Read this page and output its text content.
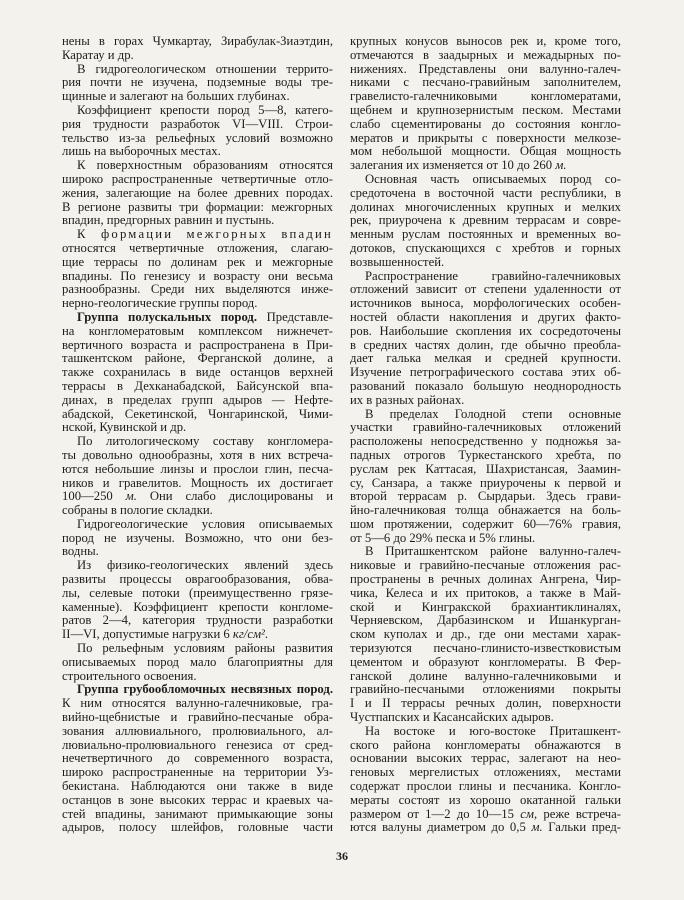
нены в горах Чумкартау, Зирабулак-Зиаэтдин,
Каратау и др.
В гидрогеологическом отношении террито-
рия почти не изучена, подземные воды тре-
щинные и залегают на больших глубинах.
Коэффициент крепости пород 5—8, катего-
рия трудности разработок VI—VIII. Строи-
тельство из-за рельефных условий возможно
лишь на выборочных местах.
К поверхностным образованиям относятся
широко распространенные четвертичные отло-
жения, залегающие на более древних породах.
В регионе развиты три формации: межгорных
впадин, предгорных равнин и пустынь.
К формации межгорных впадин
относятся четвертичные отложения, слагаю-
щие террасы по долинам рек и межгорные
впадины. По генезису и возрасту они весьма
разнообразны. Среди них выделяются инже-
нерно-геологические группы пород.
Группа полускальных пород. Представле-
на конгломератовым комплексом нижнечет-
вертичного возраста и распространена в При-
ташкентском районе, Ферганской долине, а
также сохранилась в виде останцов верхней
террасы в Дехканабадской, Байсунской впа-
динах, в пределах групп адыров — Нефте-
абадской, Секетинской, Чонгаринской, Чими-
нской, Кувинской и др.
По литологическому составу конгломера-
ты довольно однообразны, хотя в них встреча-
ются небольшие линзы и прослои глин, песча-
ников и гравелитов. Мощность их достигает
100—250 м. Они слабо дислоцированы и
собраны в пологие складки.
Гидрогеологические условия описываемых
пород не изучены. Возможно, что они без-
водны.
Из физико-геологических явлений здесь
развиты процессы оврагообразования, обва-
лы, селевые потоки (преимущественно грязе-
каменные). Коэффициент крепости конгломе-
ратов 2—4, категория трудности разработки
II—VI, допустимые нагрузки 6 кг/см².
По рельефным условиям районы развития
описываемых пород мало благоприятны для
строительного освоения.
Группа грубообломочных несвязных пород.
К ним относятся валунно-галечниковые, гра-
вийно-щебнистые и гравийно-песчаные обра-
зования аллювиального, пролювиального, ал-
лювиально-пролювиального генезиса от сред-
нечетвертичного до современного возраста,
широко распространенные на территории Уз-
бекистана. Наблюдаются они также в виде
останцов в зоне высоких террас и краевых ча-
стей впадины, занимают примыкающие зоны
адыров, полосу шлейфов, головные части
крупных конусов выносов рек и, кроме того,
отмечаются в заадырных и межадырных по-
нижениях. Представлены они валунно-галеч-
никами с песчано-гравийным заполнителем,
гравелисто-галечниковыми конгломератами,
щебнем и крупнозернистым песком. Местами
слабо сцементированы до состояния конгло-
мератов и прикрыты с поверхности мелкозе-
мом небольшой мощности. Общая мощность
залегания их изменяется от 10 до 260 м.
Основная часть описываемых пород со-
средоточена в восточной части республики, в
долинах многочисленных крупных и мелких
рек, приурочена к древним террасам и совре-
менным руслам постоянных и временных во-
дотоков, спускающихся с хребтов и горных
возвышенностей.
Распространение гравийно-галечниковых
отложений зависит от степени удаленности от
источников выноса, морфологических особен-
ностей области накопления и других факто-
ров. Наибольшие скопления их сосредоточены
в средних частях долин, где обычно преобла-
дает галька мелкая и средней крупности.
Изучение петрографического состава этих об-
разований показало большую неоднородность
их в разных районах.
В пределах Голодной степи основные
участки гравийно-галечниковых отложений
расположены непосредственно у подножья за-
падных отрогов Туркестанского хребта, по
руслам рек Каттасая, Шахристансая, Заамин-
су, Санзара, а также приурочены к первой и
второй террасам р. Сырдарьи. Здесь грави-
йно-галечниковая толща обнажается на боль-
шом протяжении, содержит 60—76% гравия,
от 5—6 до 29% песка и 5% глины.
В Приташкентском районе валунно-галеч-
никовые и гравийно-песчаные отложения рас-
пространены в речных долинах Ангрена, Чир-
чика, Келеса и их притоков, а также в Май-
ской и Кингракской брахиантиклиналях,
Черняевском, Дарбазинском и Ишанкурган-
ском куполах и др., где они местами харак-
теризуются песчано-глинисто-известковистым
цементом и образуют конгломераты. В Фер-
ганской долине валунно-галечниковыми и
гравийно-песчаными отложениями покрыты
I и II террасы речных долин, поверхности
Чустпапских и Касансайских адыров.
На востоке и юго-востоке Приташкент-
ского района конгломераты обнажаются в
основании высоких террас, залегают на нео-
геновых мергелистых отложениях, местами
содержат прослои глины и песчаника. Конгло-
мераты состоят из хорошо окатанной гальки
размером от 1—2 до 10—15 см, реже встреча-
ются валуны диаметром до 0,5 м. Гальки пред-
36
